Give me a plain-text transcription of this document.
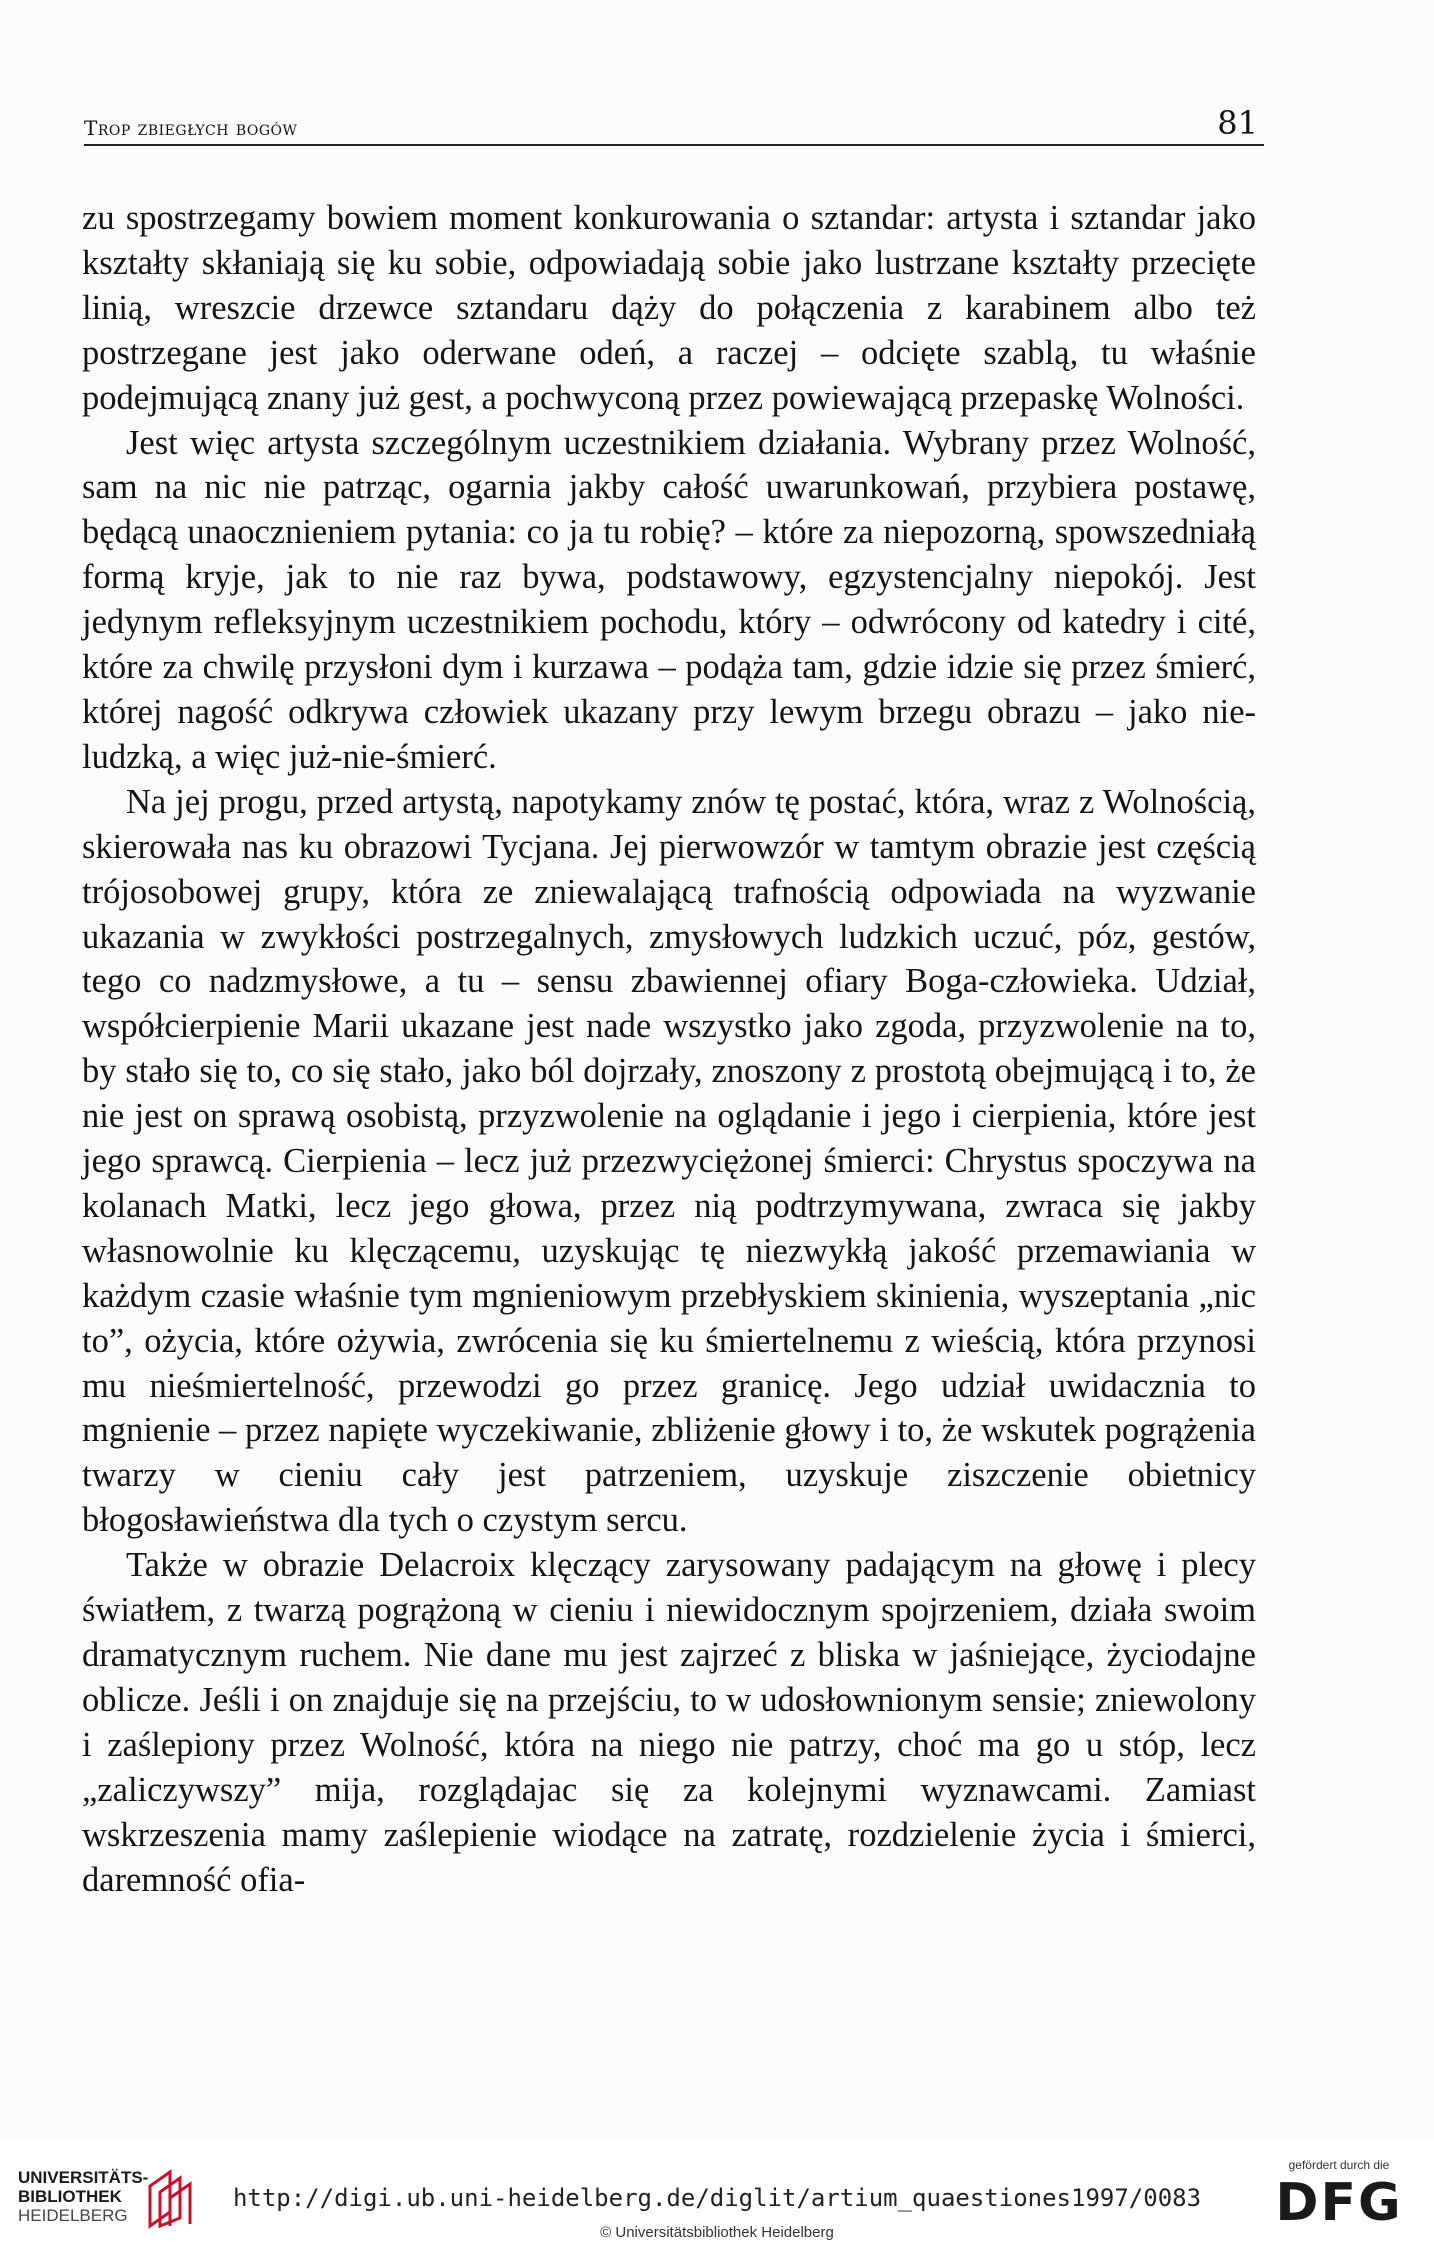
Trop zbiegłych bogów	81

zu spostrzegamy bowiem moment konkurowania o sztandar: artysta i sztandar jako kształty skłaniają się ku sobie, odpowiadają sobie jako lustrzane kształty przecięte linią, wreszcie drzewce sztandaru dąży do połączenia z karabinem albo też postrzegane jest jako oderwane odeń, a raczej – odcięte szablą, tu właśnie podejmującą znany już gest, a pochwyconą przez powiewającą przepaskę Wolności.

Jest więc artysta szczególnym uczestnikiem działania. Wybrany przez Wolność, sam na nic nie patrząc, ogarnia jakby całość uwarunkowań, przybiera postawę, będącą unaocznieniem pytania: co ja tu robię? – które za niepozorną, spowszedniałą formą kryje, jak to nie raz bywa, podstawowy, egzystencjalny niepokój. Jest jedynym refleksyjnym uczestnikiem pochodu, który – odwrócony od katedry i cité, które za chwilę przysłoni dym i kurzawa – podąża tam, gdzie idzie się przez śmierć, której nagość odkrywa człowiek ukazany przy lewym brzegu obrazu – jako nie-ludzką, a więc już-nie-śmierć.

Na jej progu, przed artystą, napotykamy znów tę postać, która, wraz z Wolnością, skierowała nas ku obrazowi Tycjana. Jej pierwowzór w tamtym obrazie jest częścią trójosobowej grupy, która ze zniewalającą trafnością odpowiada na wyzwanie ukazania w zwykłości postrzegalnych, zmysłowych ludzkich uczuć, póz, gestów, tego co nadzmysłowe, a tu – sensu zbawiennej ofiary Boga-człowieka. Udział, współcierpienie Marii ukazane jest nade wszystko jako zgoda, przyzwolenie na to, by stało się to, co się stało, jako ból dojrzały, znoszony z prostotą obejmującą i to, że nie jest on sprawą osobistą, przyzwolenie na oglądanie i jego i cierpienia, które jest jego sprawcą. Cierpienia – lecz już przezwyciężonej śmierci: Chrystus spoczywa na kolanach Matki, lecz jego głowa, przez nią podtrzymywana, zwraca się jakby własnowolnie ku klęczącemu, uzyskując tę niezwykłą jakość przemawiania w każdym czasie właśnie tym mgnieniowym przebłyskiem skinienia, wyszeptania „nic to”, ożycia, które ożywia, zwrócenia się ku śmiertelnemu z wieścią, która przynosi mu nieśmiertelność, przewodzi go przez granicę. Jego udział uwidacznia to mgnienie – przez napięte wyczekiwanie, zbliżenie głowy i to, że wskutek pogrążenia twarzy w cieniu cały jest patrzeniem, uzyskuje ziszczenie obietnicy błogosławieństwa dla tych o czystym sercu.

Także w obrazie Delacroix klęczący zarysowany padającym na głowę i plecy światłem, z twarzą pogrążoną w cieniu i niewidocznym spojrzeniem, działa swoim dramatycznym ruchem. Nie dane mu jest zajrzeć z bliska w jaśniejące, życiodajne oblicze. Jeśli i on znajduje się na przejściu, to w udosłownionym sensie; zniewolony i zaślepiony przez Wolność, która na niego nie patrzy, choć ma go u stóp, lecz „zaliczywszy” mija, rozglądajac się za kolejnymi wyznawcami. Zamiast wskrzeszenia mamy zaślepienie wiodące na zatratę, rozdzielenie życia i śmierci, daremność ofia-

UNIVERSITÄTS-
BIBLIOTHEK
HEIDELBERG
http://digi.ub.uni-heidelberg.de/diglit/artium_quaestiones1997/0083
© Universitätsbibliothek Heidelberg
gefördert durch die
DFG
